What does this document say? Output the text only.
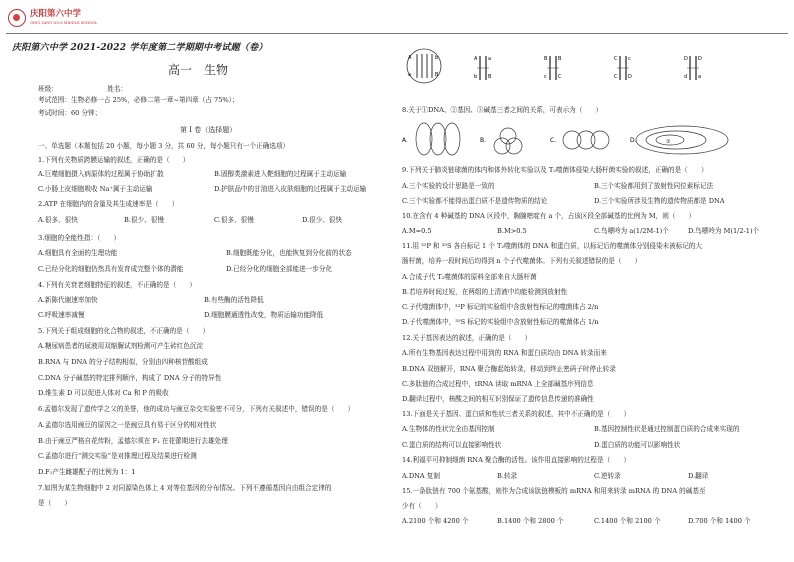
庆阳第六中学
QING YANG NO.6 MIDDLE SCHOOL
庆阳第六中学 2021-2022 学年度第二学期期中考试题（卷）
高一　生物
班级：　　　　　　　　姓名：
考试范围：生物必修一占 25%，必修二第一章~第四章（占 75%）；
考试时间：60 分钟；
第 I 卷（选择题）
一、单选题（本题包括 20 小题，每小题 3 分，共 60 分，每小题只有一个正确选项）
1.下列有关物质跨膜运输的叙述，正确的是（　　）
A.巨噬细胞摄入病原体的过程属于协助扩散	B.固醇类激素进入靶细胞的过程属于主动运输
C.小肠上皮细胞吸收 Na⁺属于主动运输	D.护肤品中的甘油进入皮肤细胞的过程属于主动运输
2.ATP 在细胞内的含量及其生成速率是（　　）
A.很多、很快	B.很少、很慢	C.很多、很慢	D.很少、很快
3.细胞的全能性指：（　　）
A.细胞具有全面的生理功能	B.细胞既能分化，也能恢复到分化前的状态
C.已经分化的细胞仍然具有发育成完整个体的潜能	D.已经分化的细胞全部能进一步分化
4.下列有关衰老细胞特征的叙述，不正确的是（　　）
A.新陈代谢速率加快	B.有些酶的活性降低
C.呼吸速率减慢	D.细胞膜通透性改变，物质运输功能降低
5.下列关于组成细胞的化合物的叙述，不正确的是（　　）
A.糖尿病患者的尿液用双缩脲试剂检测可产生砖红色沉淀
B.RNA 与 DNA 的分子结构相似，分别由四种核苷酸组成
C.DNA 分子碱基的特定排列顺序，构成了 DNA 分子的特异性
D.维生素 D 可以促进人体对 Ca 和 P 的吸收
6.孟德尔发现了遗传学之父的美誉，他的成功与豌豆杂交实验密不可分，下列有关叙述中，错误的是（　　）
A.孟德尔选用豌豆的原因之一是豌豆具有易于区分的相对性状
B.由于豌豆严格自花传粉，孟德尔须在 F₁ 在花蕾期进行去雄处理
C.孟德尔进行“测交实验”是对推理过程及结果进行检测
D.F₁产生雌雄配子的比例为 1：1
7.如图为某生物细胞中 2 对同源染色体上 4 对等位基因的分布情况。下列不遵循基因自由组合定律的
是（　　）
A
a
b
B
A a
b B
B B
c C
C c
C D
D D
d a
8.关于①DNA、②基因、③碱基三者之间的关系，可表示为（　　）
A.	B.	C.	D.	①
9.下列关于肺炎链球菌的体内和体外转化实验以及 T₂噬菌体侵染大肠杆菌实验的叙述，正确的是（　　）
A.三个实验的设计思路是一致的	B.三个实验都用到了放射性同位素标记法
C.三个实验都不能得出蛋白质不是遗传物质的结论	D.三个实验所涉及生物的遗传物质都是 DNA
10.在含有 4 种碱基的 DNA 区段中，胸腺嘧啶有 a 个，占该区段全部碱基的比例为 M，则（　　）
A.M=0.5	B.M>0.5	C.鸟嘌呤为 a(1/2M-1)个	D.鸟嘌呤为 M(1/2-1)个
11.用 ³²P 和 ³⁵S 各自标记 1 个 T₂噬菌体的 DNA 和蛋白质，以标记后的噬菌体分别侵染未被标记的大
肠杆菌，培养一段时间后均得到 n 个子代噬菌体。下列有关叙述错误的是（　　）
A.合成子代 T₂噬菌体的原料全部来自大肠杆菌
B.若培养时间过短，在两组的上清液中均能检测到放射性
C.子代噬菌体中，³²P 标记的实验组中含放射性标记的噬菌体占 2/n
D.子代噬菌体中，³⁵S 标记的实验组中含放射性标记的噬菌体占 1/n
12.关于基因表达的叙述，正确的是（　　）
A.所有生物基因表达过程中用到的 RNA 和蛋白质均由 DNA 转录而来
B.DNA 双链解开，RNA 聚合酶起始转录，移动到终止密码子时停止转录
C.多肽链的合成过程中，tRNA 读取 mRNA 上全部碱基序列信息
D.翻译过程中，核酸之间的相互识别保证了遗传信息传递的准确性
13.下面是关于基因、蛋白质和性状三者关系的叙述，其中不正确的是（　　）
A.生物体的性状完全由基因控制	B.基因控制性状是通过控制蛋白质的合成来实现的
C.蛋白质的结构可以直接影响性状	D.蛋白质的功能可以影响性状
14.利福平可抑制细菌 RNA 聚合酶的活性。该作用直接影响的过程是（　　）
A.DNA 复制	B.转录	C.逆转录	D.翻译
15.一条肽链有 700 个氨基酸，则作为合成该肽链模板的 mRNA 和用来转录 mRNA 的 DNA 的碱基至
少有（　　）
A.2100 个和 4200 个	B.1400 个和 2800 个	C.1400 个和 2100 个	D.700 个和 1400 个
